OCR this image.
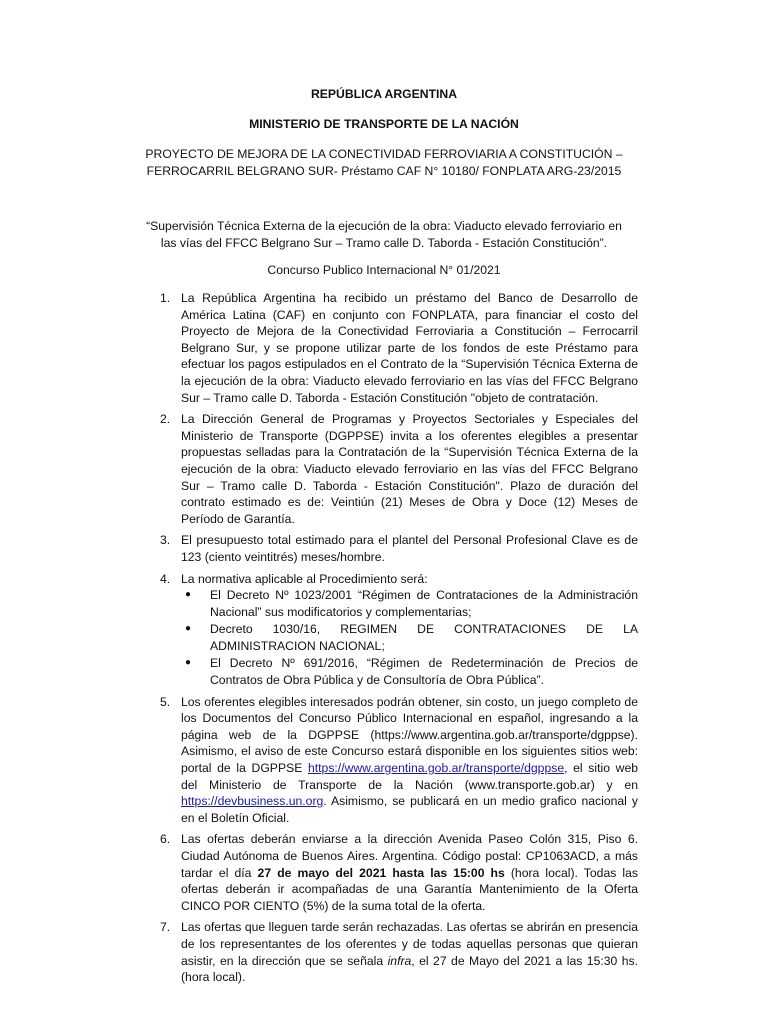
REPÚBLICA ARGENTINA
MINISTERIO DE TRANSPORTE DE LA NACIÓN
PROYECTO DE MEJORA DE LA CONECTIVIDAD FERROVIARIA A CONSTITUCIÓN –
FERROCARRIL BELGRANO SUR- Préstamo CAF N° 10180/ FONPLATA ARG-23/2015
“Supervisión Técnica Externa de la ejecución de la obra: Viaducto elevado ferroviario en
las vías del FFCC Belgrano Sur – Tramo calle D. Taborda - Estación Constitución”.
Concurso Publico Internacional N° 01/2021
1. La República Argentina ha recibido un préstamo del Banco de Desarrollo de América Latina (CAF) en conjunto con FONPLATA, para financiar el costo del Proyecto de Mejora de la Conectividad Ferroviaria a Constitución – Ferrocarril Belgrano Sur, y se propone utilizar parte de los fondos de este Préstamo para efectuar los pagos estipulados en el Contrato de la “Supervisión Técnica Externa de la ejecución de la obra: Viaducto elevado ferroviario en las vías del FFCC Belgrano Sur – Tramo calle D. Taborda - Estación Constitución "objeto de contratación.
2. La Dirección General de Programas y Proyectos Sectoriales y Especiales del Ministerio de Transporte (DGPPSE) invita a los oferentes elegibles a presentar propuestas selladas para la Contratación de la “Supervisión Técnica Externa de la ejecución de la obra: Viaducto elevado ferroviario en las vías del FFCC Belgrano Sur – Tramo calle D. Taborda - Estación Constitución". Plazo de duración del contrato estimado es de: Veintiún (21) Meses de Obra y Doce (12) Meses de Período de Garantía.
3. El presupuesto total estimado para el plantel del Personal Profesional Clave es de 123 (ciento veintitrés) meses/hombre.
4. La normativa aplicable al Procedimiento será:
● El Decreto Nº 1023/2001 “Régimen de Contrataciones de la Administración Nacional” sus modificatorios y complementarias;
● Decreto 1030/16, REGIMEN DE CONTRATACIONES DE LA ADMINISTRACION NACIONAL;
● El Decreto Nº 691/2016, “Régimen de Redeterminación de Precios de Contratos de Obra Pública y de Consultoría de Obra Pública”.
5. Los oferentes elegibles interesados podrán obtener, sin costo, un juego completo de los Documentos del Concurso Público Internacional en español, ingresando a la página web de la DGPPSE (https://www.argentina.gob.ar/transporte/dgppse). Asimismo, el aviso de este Concurso estará disponible en los siguientes sitios web: portal de la DGPPSE https://www.argentina.gob.ar/transporte/dgppse, el sitio web del Ministerio de Transporte de la Nación (www.transporte.gob.ar) y en https://devbusiness.un.org. Asimismo, se publicará en un medio grafico nacional y en el Boletín Oficial.
6. Las ofertas deberán enviarse a la dirección Avenida Paseo Colón 315, Piso 6. Ciudad Autónoma de Buenos Aires. Argentina. Código postal: CP1063ACD, a más tardar el día 27 de mayo del 2021 hasta las 15:00 hs (hora local). Todas las ofertas deberán ir acompañadas de una Garantía Mantenimiento de la Oferta CINCO POR CIENTO (5%) de la suma total de la oferta.
7. Las ofertas que lleguen tarde serán rechazadas. Las ofertas se abrirán en presencia de los representantes de los oferentes y de todas aquellas personas que quieran asistir, en la dirección que se señala infra, el 27 de Mayo del 2021 a las 15:30 hs. (hora local).
